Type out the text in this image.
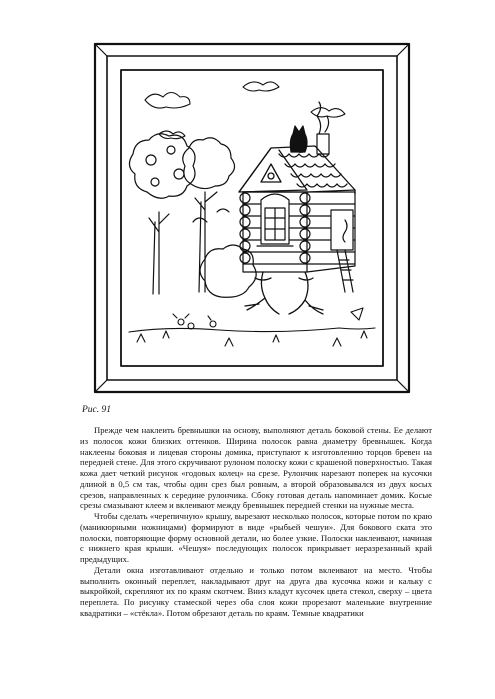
Рис. 91

Прежде чем наклеить бревнышки на основу, выполняют деталь боковой стены. Ее делают из полосок кожи близких оттенков. Ширина полосок равна диаметру бревнышек. Когда наклеены боковая и лицевая стороны домика, приступают к изготовлению торцов бревен на передней стене. Для этого скручивают рулоном полоску кожи с крашеной поверхностью. Такая кожа дает четкий рисунок «годовых колец» на срезе. Рулончик нарезают поперек на кусочки длиной в 0,5 см так, чтобы один срез был ровным, а второй образовывался из двух косых срезов, направленных к середине рулончика. Сбоку готовая деталь напоминает домик. Косые срезы смазывают клеем и вклеивают между бревнышек передней стенки на нужные места.

Чтобы сделать «черепичную» крышу, вырезают несколько полосок, которые потом по краю (маникюрными ножницами) формируют в виде «рыбьей чешуи». Для бокового ската это полоски, повторяющие форму основной детали, но более узкие. Полоски наклеивают, начиная с нижнего края крыши. «Чешуя» последующих полосок прикрывает неразрезанный край предыдущих.

Детали окна изготавливают отдельно и только потом вклеивают на место. Чтобы выполнить оконный переплет, накладывают друг на друга два кусочка кожи и кальку с выкройкой, скрепляют их по краям скотчем. Вниз кладут кусочек цвета стекол, сверху – цвета переплета. По рисунку стамеской через оба слоя кожи прорезают маленькие внутренние квадратики – «стёкла». Потом обрезают деталь по краям. Темные квадратики
